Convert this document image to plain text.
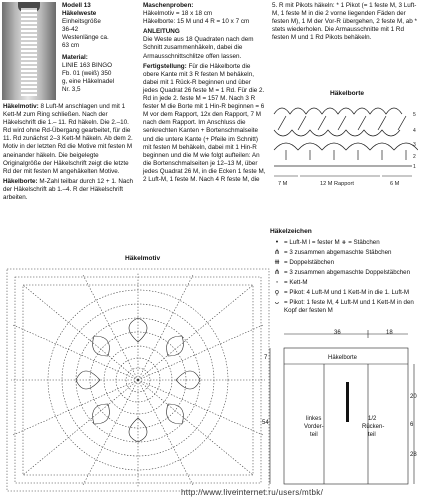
Modell 13

Häkelweste

Einheitsgröße

36-42

Westenlänge ca.

63 cm

Material:

LINIE 163 BINGO

Fb. 01 (weiß) 350

g, eine Häkelnadel

Nr. 3,5

Häkelmotiv: 8 Luft-M anschlagen und mit 1 Kett-M zum Ring schließen. Nach der Häkelschrift die 1.– 11. Rd häkeln. Die 2.–10. Rd wird ohne Rd-Übergang gearbeitet, für die 11. Rd zunächst 2–3 Kett-M häkeln. Ab dem 2. Motiv in der letzten Rd die Motive mit festen M aneinander häkeln. Die beigelegte Originalgröße der Häkelschrift zeigt die letzte Rd der mit festen M angehäkelten Motive.

Häkelborte: M-Zahl teilbar durch 12 + 1. Nach der Häkelschrift ab 1.–4. R der Häkelschrift arbeiten.

Maschenproben:

Häkelmotiv = 18 x 18 cm

Häkelborte: 15 M und 4 R = 10 x 7 cm

ANLEITUNG

Die Weste aus 18 Quadraten nach dem Schnitt zusammenhäkeln, dabei die Armausschnittschlitze offen lassen.

Fertigstellung: Für die Häkelborte die obere Kante mit 3 R festen M behäkeln, dabei mit 1 Rück-R beginnen und über jedes Quadrat 26 feste M = 1 Rd. Für die 2. Rd in jede 2. feste M = 157 M. Nach 3 R fester M die Borte mit 1 Hin-R beginnen = 6 M vor dem Rapport, 12x den Rapport, 7 M nach dem Rapport. Im Anschluss die senkrechten Kanten + Bortenschmalseite und die untere Kante (+ Pfeile im Schnitt) mit festen M behäkeln, dabei mit 1 Hin-R beginnen und die M wie folgt aufteilen: An die Bortenschmalseiten je 12–13 M, über jedes Quadrat 26 M, in die Ecken 1 feste M, 2 Luft-M, 1 feste M. Nach 4 R feste M, die

5. R mit Pikots häkeln: * 1 Pikot (= 1 feste M, 3 Luft-M, 1 feste M in die 2 vorne liegenden Fäden der festen M), 1 M der Vor-R übergehen, 2 feste M, ab * stets wiederholen. Die Armausschnitte mit 1 Rd festen M und 1 Rd Pikots behäkeln.

Häkelborte
5
4
3
2
1
7 M	12 M Rapport	6 M
Häkelmotiv
Häkelzeichen
• = Luft-M ǀ = fester M ⧺ = Stäbchen
⋔ = 3 zusammen abgemaschte Stäbchen
⧻ = Doppelstäbchen
⋔ = 3 zusammen abgemaschte Doppelstäbchen
◦ = Kett-M
ϙ = Pikot: 4 Luft-M und 1 Kett-M in die 1. Luft-M
ᴗ = Pikot: 1 feste M, 4 Luft-M und 1 Kett-M in den Kopf der festen M
36	18
Häkelborte
7
54
20
6
28
linkes
Vorder-
teil
1/2
Rücken-
teil
http://www.liveinternet.ru/users/mtbk/
